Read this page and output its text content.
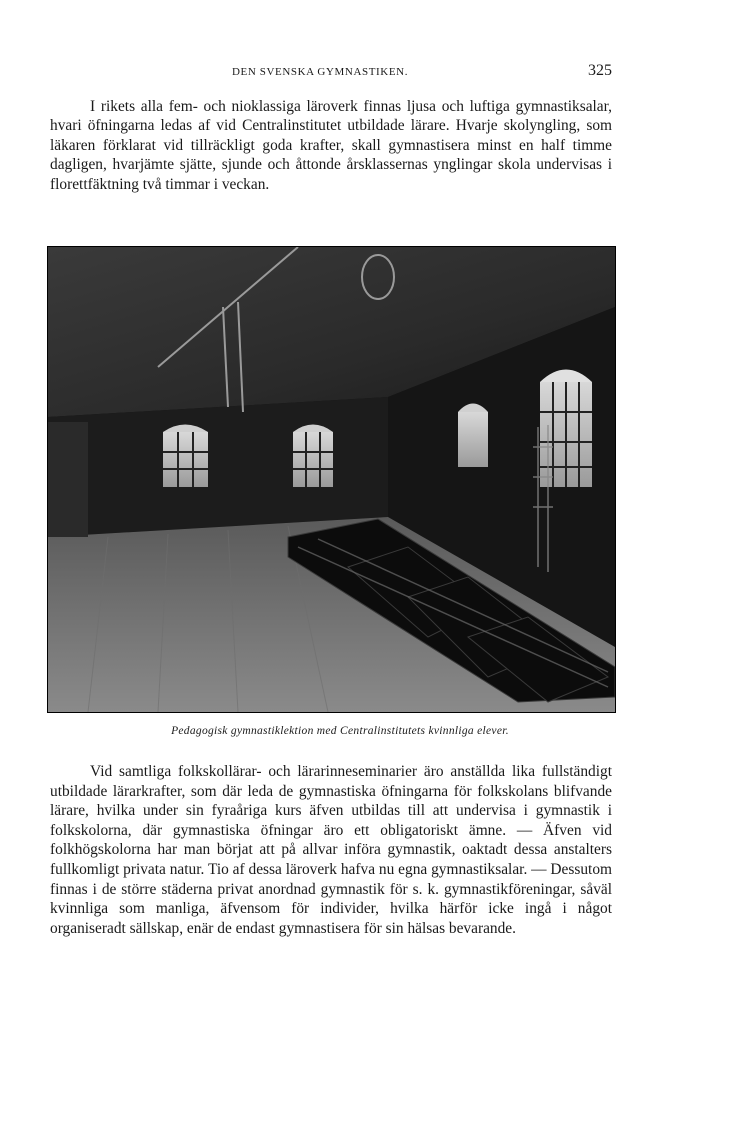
DEN SVENSKA GYMNASTIKEN.	325

I rikets alla fem- och nioklassiga läroverk finnas ljusa och luftiga gymnastiksalar, hvari öfningarna ledas af vid Centralinstitutet utbildade lärare. Hvarje skolyngling, som läkaren förklarat vid tillräckligt goda krafter, skall gymnastisera minst en half timme dagligen, hvarjämte sjätte, sjunde och åttonde årsklassernas ynglingar skola undervisas i florettfäktning två timmar i veckan.

Pedagogisk gymnastiklektion med Centralinstitutets kvinnliga elever.

Vid samtliga folkskollärar- och lärarinneseminarier äro anställda lika fullständigt utbildade lärarkrafter, som där leda de gymnastiska öfningarna för folkskolans blifvande lärare, hvilka under sin fyraåriga kurs äfven utbildas till att undervisa i gymnastik i folkskolorna, där gymnastiska öfningar äro ett obligatoriskt ämne. — Äfven vid folkhögskolorna har man börjat att på allvar införa gymnastik, oaktadt dessa anstalters fullkomligt privata natur. Tio af dessa läroverk hafva nu egna gymnastiksalar. — Dessutom finnas i de större städerna privat anordnad gymnastik för s. k. gymnastikföreningar, såväl kvinnliga som manliga, äfvensom för individer, hvilka härför icke ingå i något organiseradt sällskap, enär de endast gymnastisera för sin hälsas bevarande.
